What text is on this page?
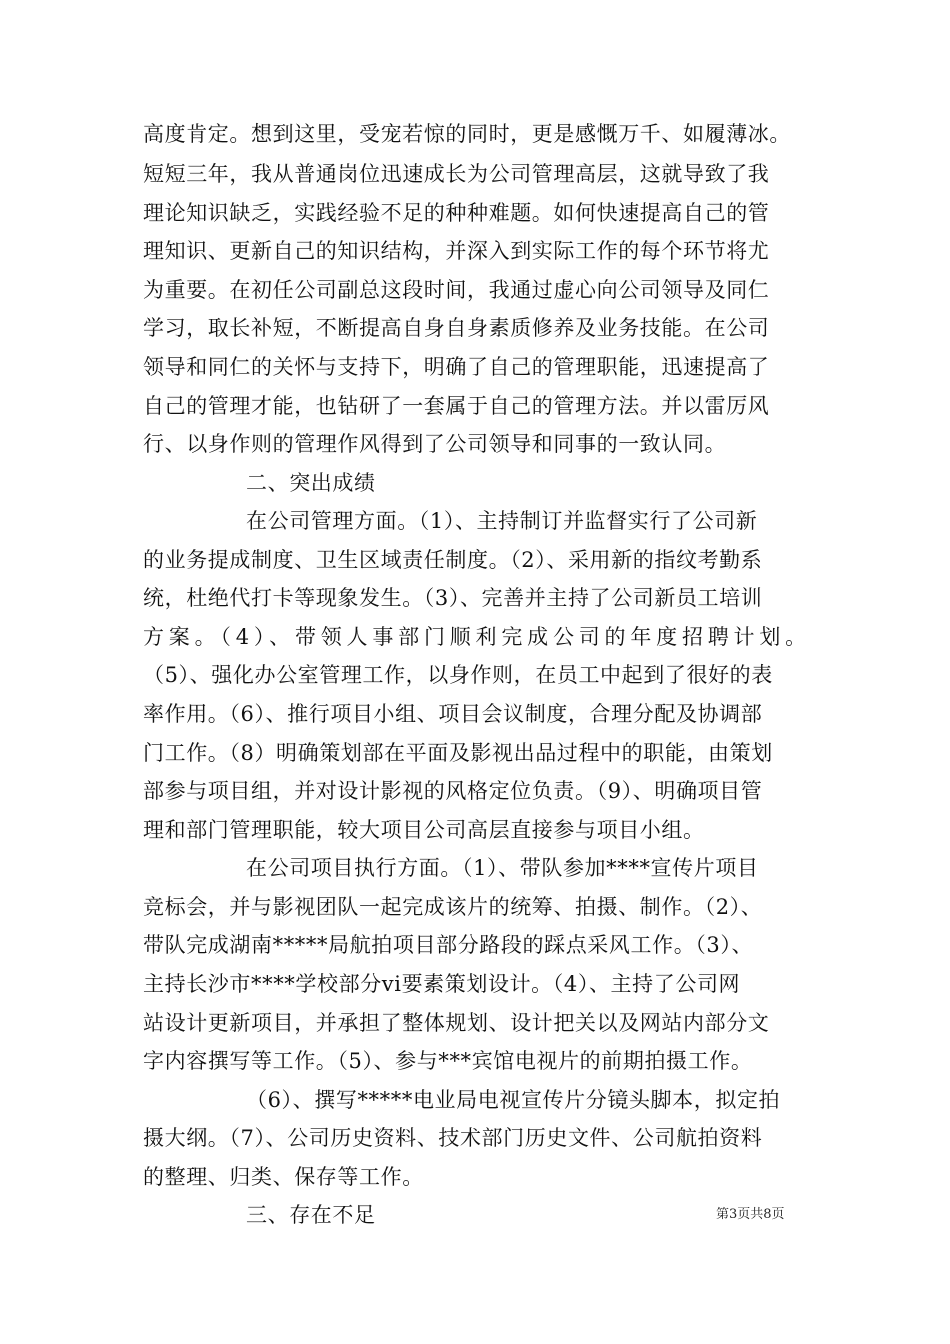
高度肯定。想到这里，受宠若惊的同时，更是感慨万千、如履薄冰。
短短三年，我从普通岗位迅速成长为公司管理高层，这就导致了我
理论知识缺乏，实践经验不足的种种难题。如何快速提高自己的管
理知识、更新自己的知识结构，并深入到实际工作的每个环节将尤
为重要。在初任公司副总这段时间，我通过虚心向公司领导及同仁
学习，取长补短，不断提高自身自身素质修养及业务技能。在公司
领导和同仁的关怀与支持下，明确了自己的管理职能，迅速提高了
自己的管理才能，也钻研了一套属于自己的管理方法。并以雷厉风
行、以身作则的管理作风得到了公司领导和同事的一致认同。
二、突出成绩
在公司管理方面。（1）、主持制订并监督实行了公司新
的业务提成制度、卫生区域责任制度。（2）、采用新的指纹考勤系
统，杜绝代打卡等现象发生。（3）、完善并主持了公司新员工培训
方案。（4）、带领人事部门顺利完成公司的年度招聘计划。
（5）、强化办公室管理工作，以身作则，在员工中起到了很好的表
率作用。（6）、推行项目小组、项目会议制度，合理分配及协调部
门工作。（8）明确策划部在平面及影视出品过程中的职能，由策划
部参与项目组，并对设计影视的风格定位负责。（9）、明确项目管
理和部门管理职能，较大项目公司高层直接参与项目小组。
在公司项目执行方面。（1）、带队参加****宣传片项目
竞标会，并与影视团队一起完成该片的统筹、拍摄、制作。（2）、
带队完成湖南*****局航拍项目部分路段的踩点采风工作。（3）、
主持长沙市****学校部分vi要素策划设计。（4）、主持了公司网
站设计更新项目，并承担了整体规划、设计把关以及网站内部分文
字内容撰写等工作。（5）、参与***宾馆电视片的前期拍摄工作。
（6）、撰写*****电业局电视宣传片分镜头脚本，拟定拍
摄大纲。（7）、公司历史资料、技术部门历史文件、公司航拍资料
的整理、归类、保存等工作。
三、存在不足	第3页共8页
